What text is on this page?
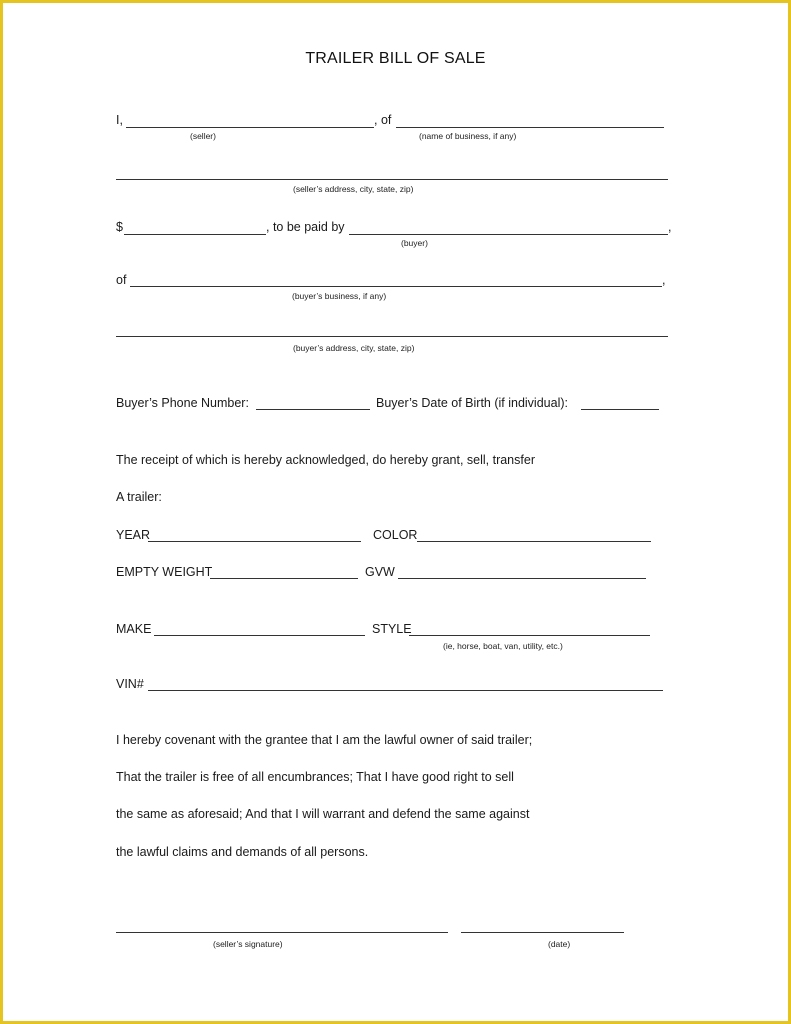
TRAILER BILL OF SALE
I,	, of
(seller)	(name of business, if any)
(seller’s address, city, state, zip)
$	, to be paid by	,
(buyer)
of	,
(buyer’s business, if any)
(buyer’s address, city, state, zip)
Buyer’s Phone Number:	Buyer’s Date of Birth (if individual):
The receipt of which is hereby acknowledged, do hereby grant, sell, transfer
A trailer:
YEAR	COLOR
EMPTY WEIGHT	GVW
MAKE	STYLE
(ie, horse, boat, van, utility, etc.)
VIN#
I hereby covenant with the grantee that I am the lawful owner of said trailer;
That the trailer is free of all encumbrances; That I have good right to sell
the same as aforesaid; And that I will warrant and defend the same against
the lawful claims and demands of all persons.
(seller’s signature)	(date)
